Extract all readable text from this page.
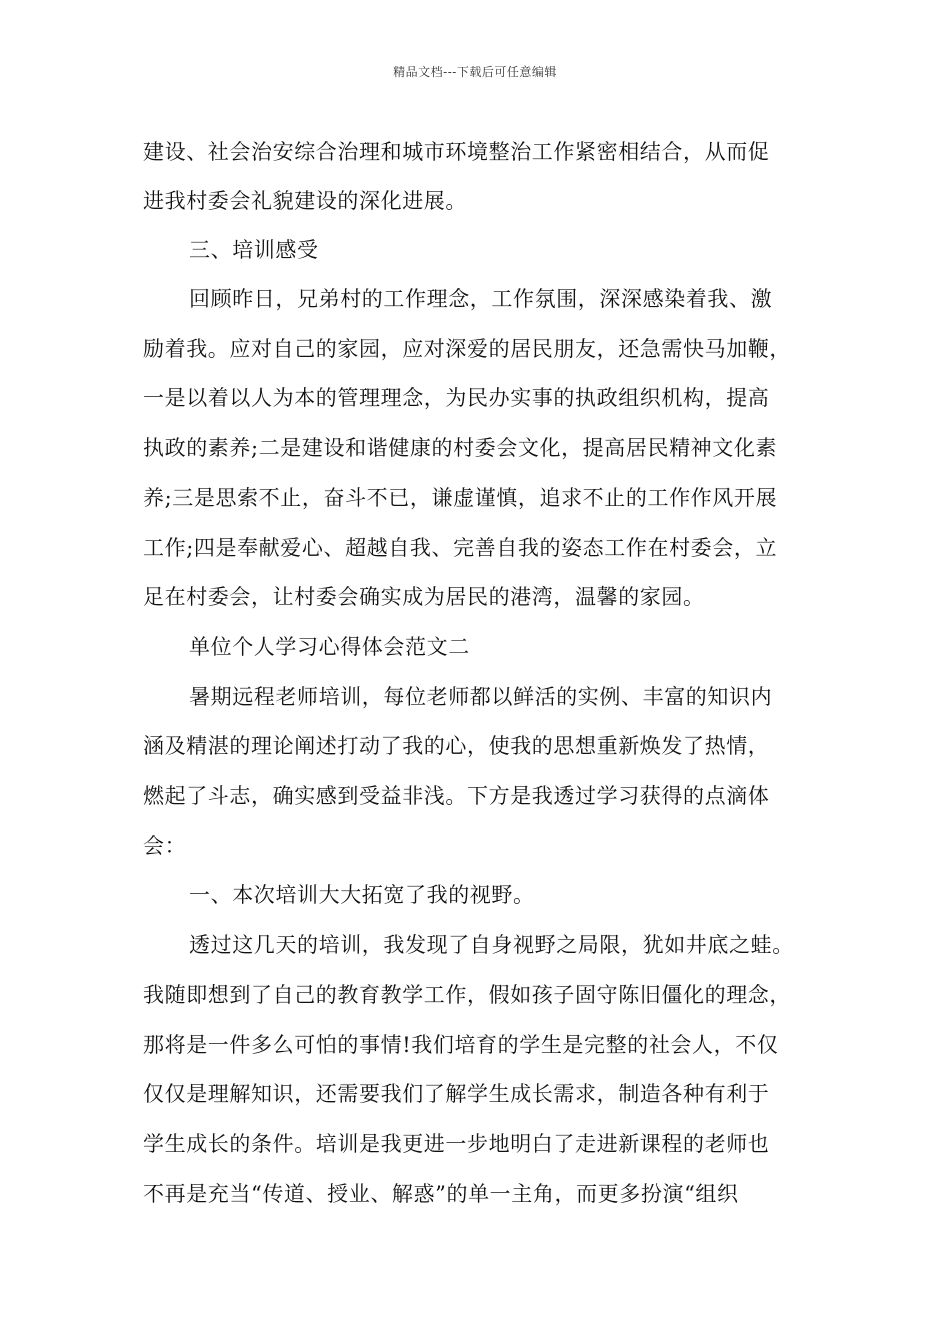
精品文档---下载后可任意编辑
建设、社会治安综合治理和城市环境整治工作紧密相结合，从而促
进我村委会礼貌建设的深化进展。
三、培训感受
回顾昨日，兄弟村的工作理念，工作氛围，深深感染着我、激
励着我。应对自己的家园，应对深爱的居民朋友，还急需快马加鞭，
一是以着以人为本的管理理念，为民办实事的执政组织机构，提高
执政的素养;二是建设和谐健康的村委会文化，提高居民精神文化素
养;三是思索不止，奋斗不已，谦虚谨慎，追求不止的工作作风开展
工作;四是奉献爱心、超越自我、完善自我的姿态工作在村委会，立
足在村委会，让村委会确实成为居民的港湾，温馨的家园。
单位个人学习心得体会范文二
暑期远程老师培训，每位老师都以鲜活的实例、丰富的知识内
涵及精湛的理论阐述打动了我的心，使我的思想重新焕发了热情，
燃起了斗志，确实感到受益非浅。下方是我透过学习获得的点滴体
会：
一、本次培训大大拓宽了我的视野。
透过这几天的培训，我发现了自身视野之局限，犹如井底之蛙。
我随即想到了自己的教育教学工作，假如孩子固守陈旧僵化的理念，
那将是一件多么可怕的事情!我们培育的学生是完整的社会人，不仅
仅仅是理解知识，还需要我们了解学生成长需求，制造各种有利于
学生成长的条件。培训是我更进一步地明白了走进新课程的老师也
不再是充当“传道、授业、解惑”的单一主角，而更多扮演“组织
